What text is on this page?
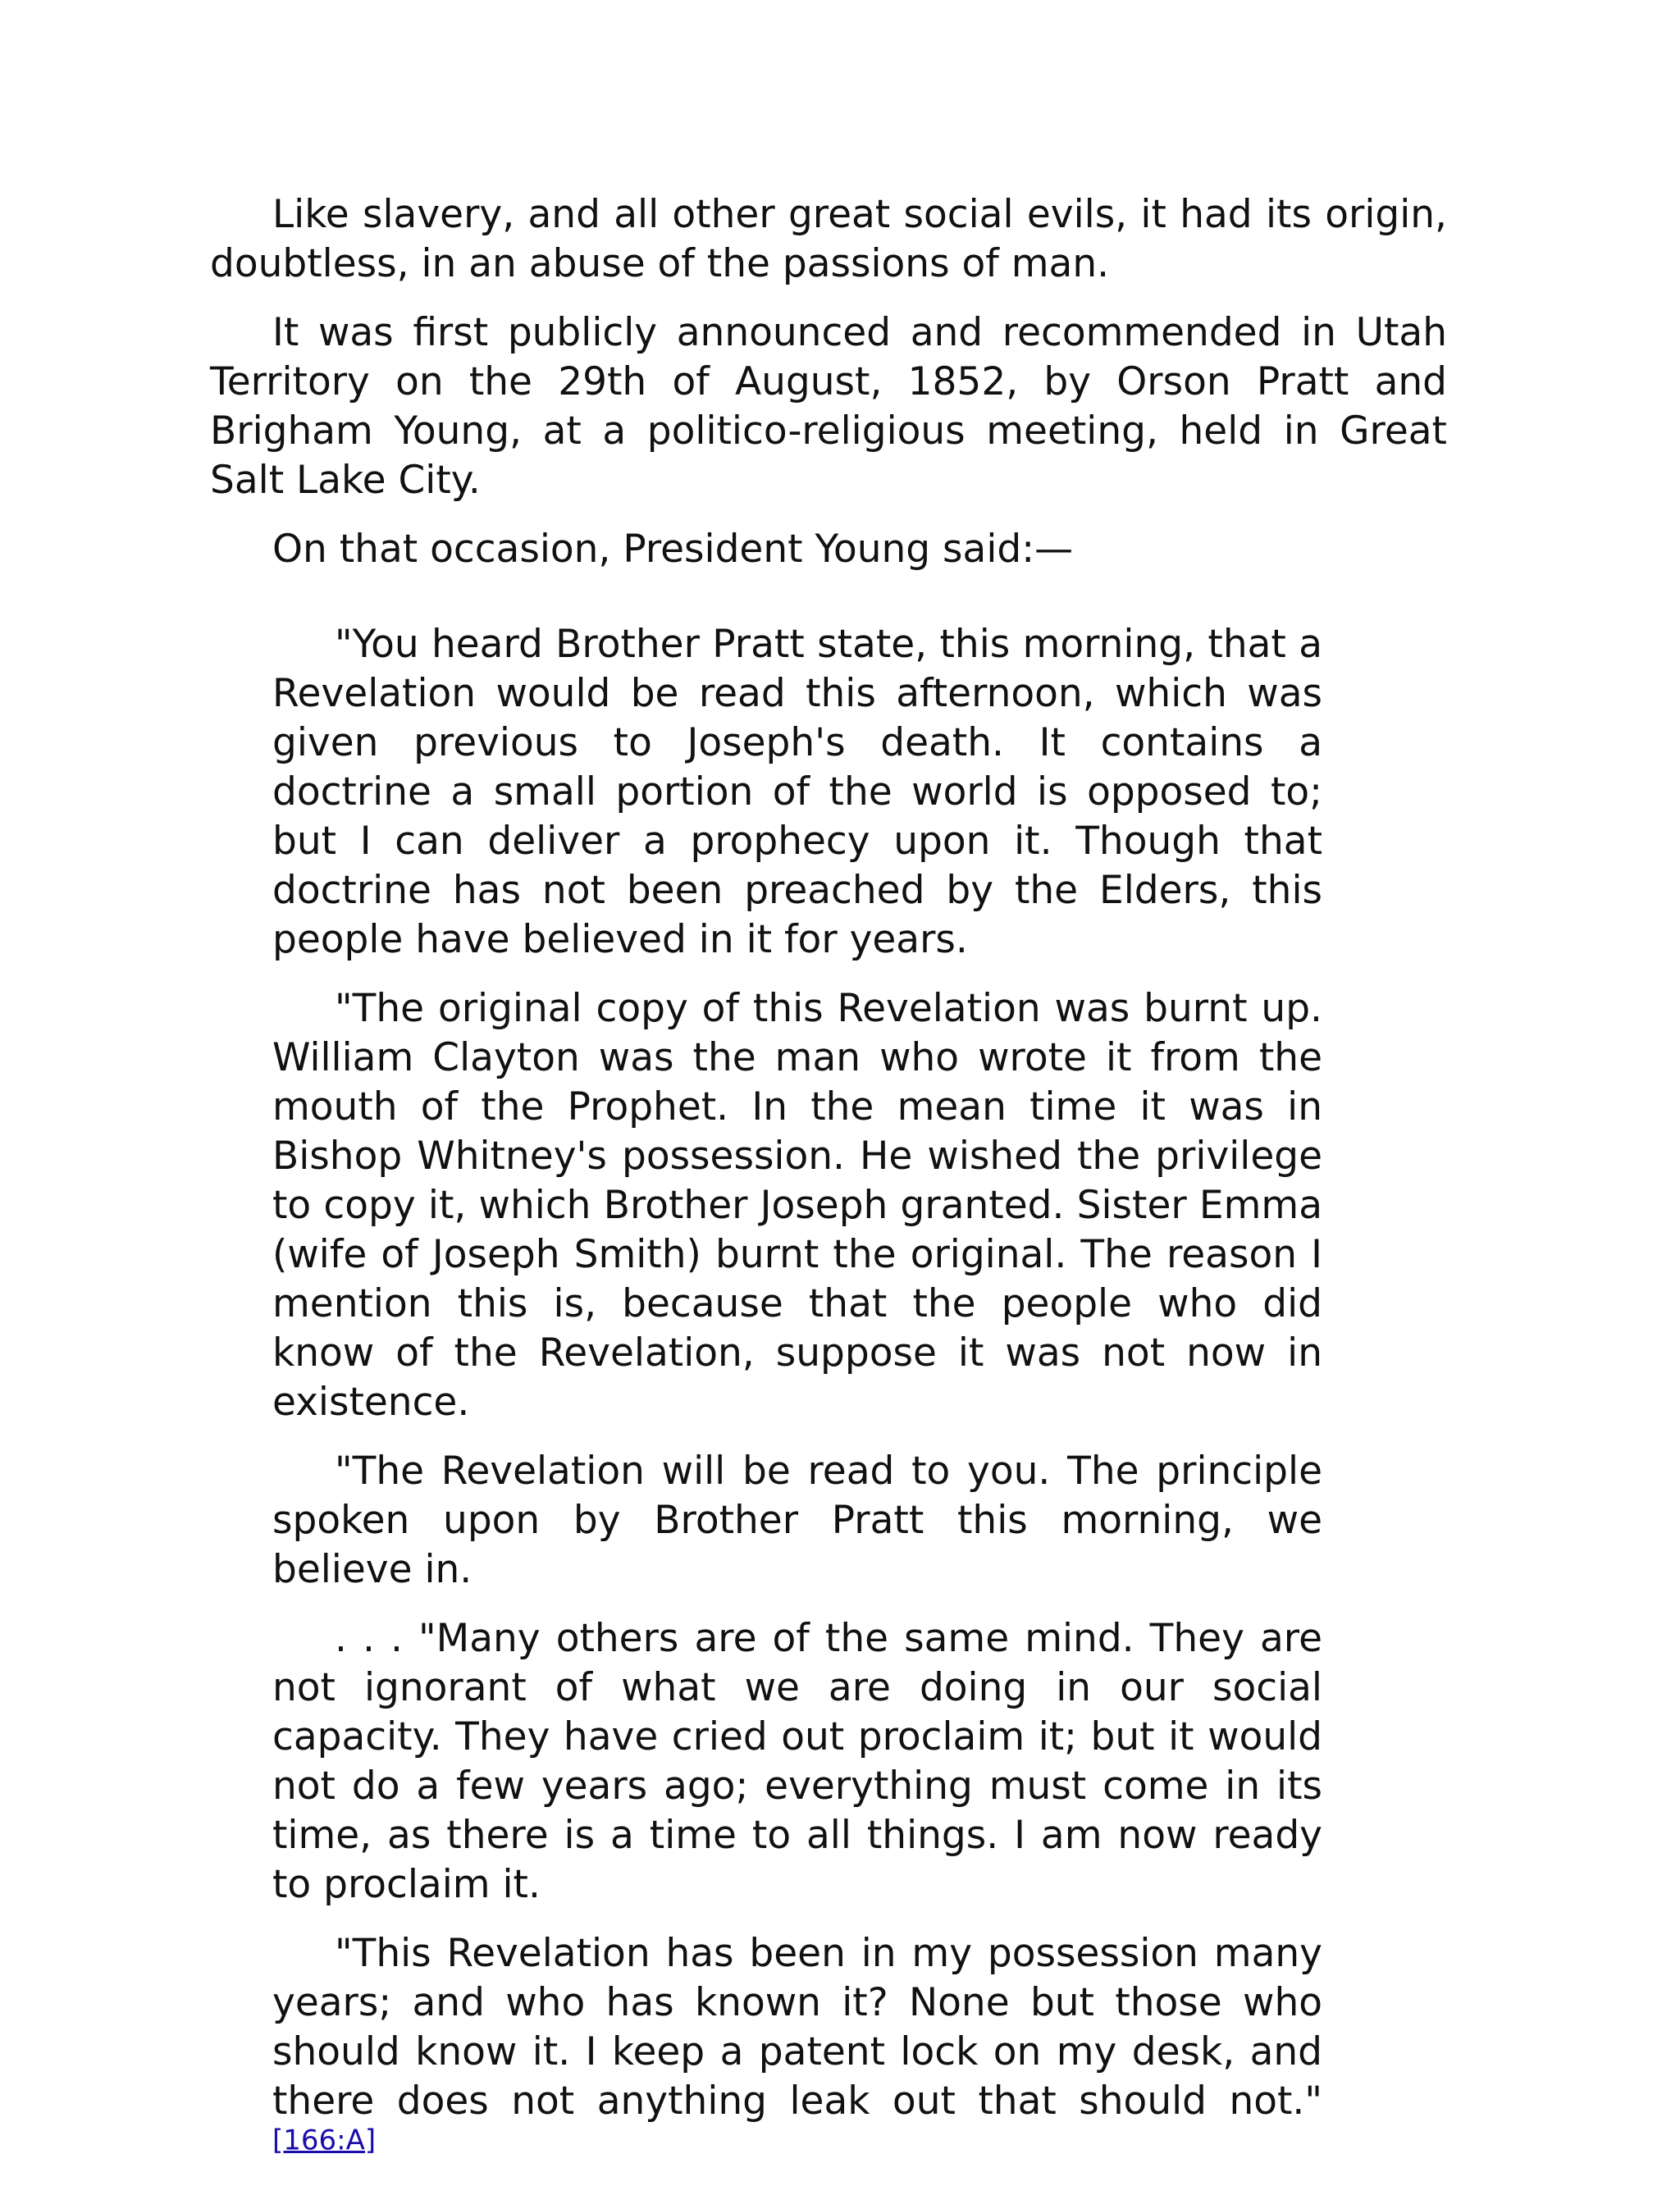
Like slavery, and all other great social evils, it had its origin, doubtless, in an abuse of the passions of man.

It was first publicly announced and recommended in Utah Territory on the 29th of August, 1852, by Orson Pratt and Brigham Young, at a politico-religious meeting, held in Great Salt Lake City.

On that occasion, President Young said:—

"You heard Brother Pratt state, this morning, that a Revelation would be read this afternoon, which was given previous to Joseph's death. It contains a doctrine a small portion of the world is opposed to; but I can deliver a prophecy upon it. Though that doctrine has not been preached by the Elders, this people have believed in it for years.

"The original copy of this Revelation was burnt up. William Clayton was the man who wrote it from the mouth of the Prophet. In the mean time it was in Bishop Whitney's possession. He wished the privilege to copy it, which Brother Joseph granted. Sister Emma (wife of Joseph Smith) burnt the original. The reason I mention this is, because that the people who did know of the Revelation, suppose it was not now in existence.

"The Revelation will be read to you. The principle spoken upon by Brother Pratt this morning, we believe in.

. . . "Many others are of the same mind. They are not ignorant of what we are doing in our social capacity. They have cried out proclaim it; but it would not do a few years ago; everything must come in its time, as there is a time to all things. I am now ready to proclaim it.

"This Revelation has been in my possession many years; and who has known it? None but those who should know it. I keep a patent lock on my desk, and there does not anything leak out that should not."[166:A]
